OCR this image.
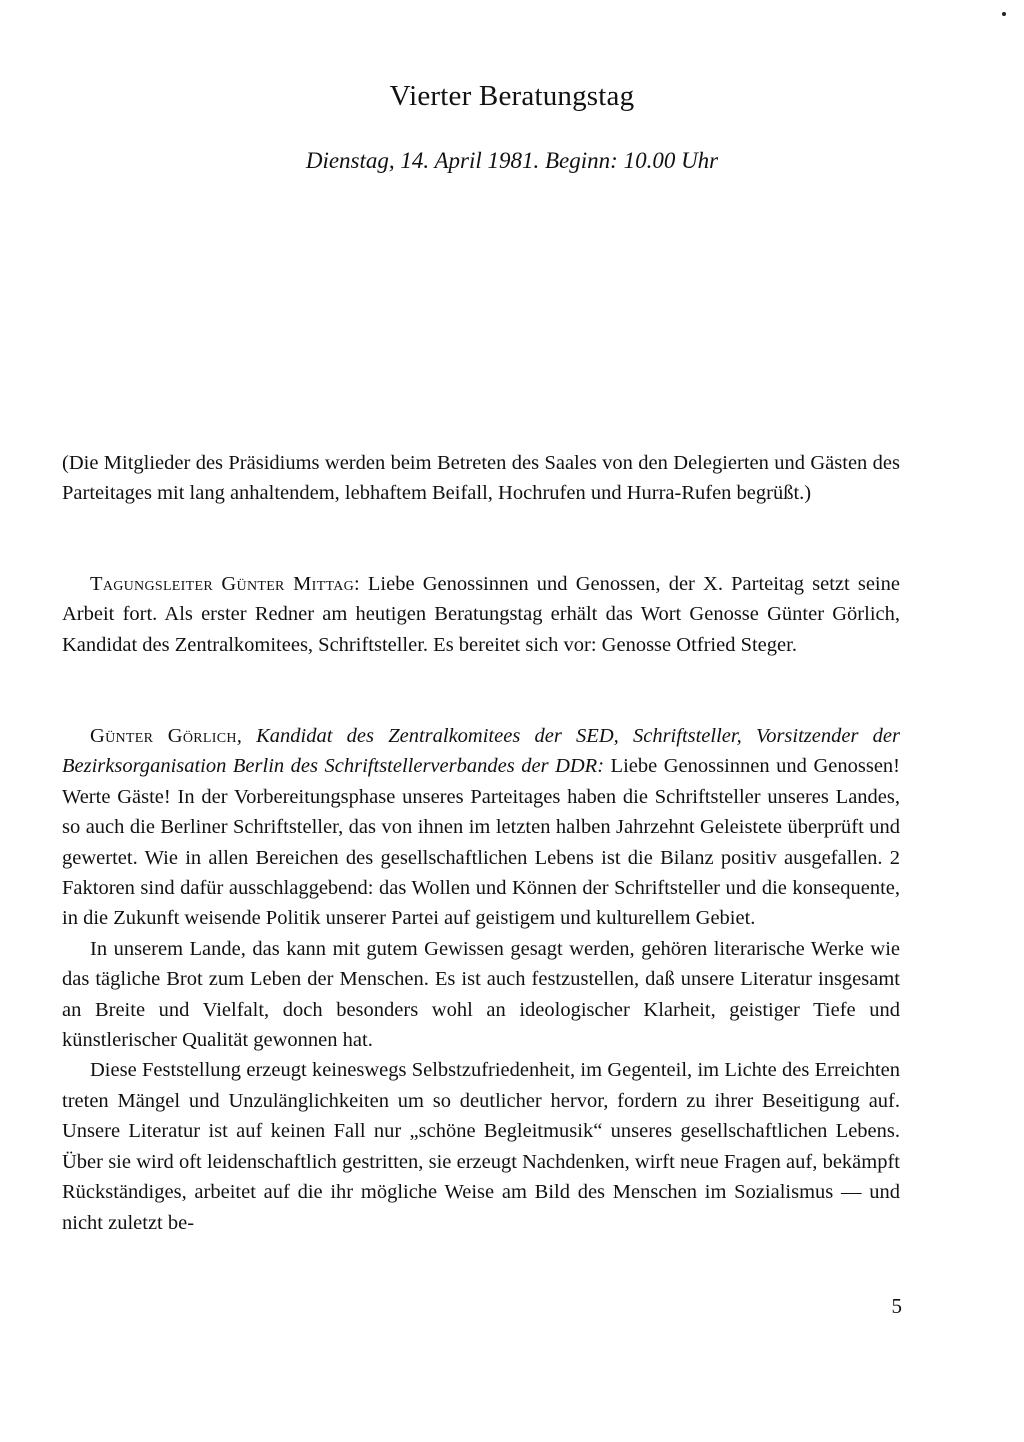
Vierter Beratungstag
Dienstag, 14. April 1981. Beginn: 10.00 Uhr

(Die Mitglieder des Präsidiums werden beim Betreten des Saales von den Delegierten und Gästen des Parteitages mit lang anhaltendem, lebhaftem Beifall, Hochrufen und Hurra-Rufen begrüßt.)

Tagungsleiter Günter Mittag: Liebe Genossinnen und Genossen, der X. Parteitag setzt seine Arbeit fort. Als erster Redner am heutigen Beratungstag erhält das Wort Genosse Günter Görlich, Kandidat des Zentralkomitees, Schriftsteller. Es bereitet sich vor: Genosse Otfried Steger.

Günter Görlich, Kandidat des Zentralkomitees der SED, Schriftsteller, Vorsitzender der Bezirksorganisation Berlin des Schriftstellerverbandes der DDR: Liebe Genossinnen und Genossen! Werte Gäste! In der Vorbereitungsphase unseres Parteitages haben die Schriftsteller unseres Landes, so auch die Berliner Schriftsteller, das von ihnen im letzten halben Jahrzehnt Geleistete überprüft und gewertet. Wie in allen Bereichen des gesellschaftlichen Lebens ist die Bilanz positiv ausgefallen. 2 Faktoren sind dafür ausschlaggebend: das Wollen und Können der Schriftsteller und die konsequente, in die Zukunft weisende Politik unserer Partei auf geistigem und kulturellem Gebiet.

In unserem Lande, das kann mit gutem Gewissen gesagt werden, gehören literarische Werke wie das tägliche Brot zum Leben der Menschen. Es ist auch festzustellen, daß unsere Literatur insgesamt an Breite und Vielfalt, doch besonders wohl an ideologischer Klarheit, geistiger Tiefe und künstlerischer Qualität gewonnen hat.

Diese Feststellung erzeugt keineswegs Selbstzufriedenheit, im Gegenteil, im Lichte des Erreichten treten Mängel und Unzulänglichkeiten um so deutlicher hervor, fordern zu ihrer Beseitigung auf. Unsere Literatur ist auf keinen Fall nur „schöne Begleitmusik“ unseres gesellschaftlichen Lebens. Über sie wird oft leidenschaftlich gestritten, sie erzeugt Nachdenken, wirft neue Fragen auf, bekämpft Rückständiges, arbeitet auf die ihr mögliche Weise am Bild des Menschen im Sozialismus — und nicht zuletzt be-

5
